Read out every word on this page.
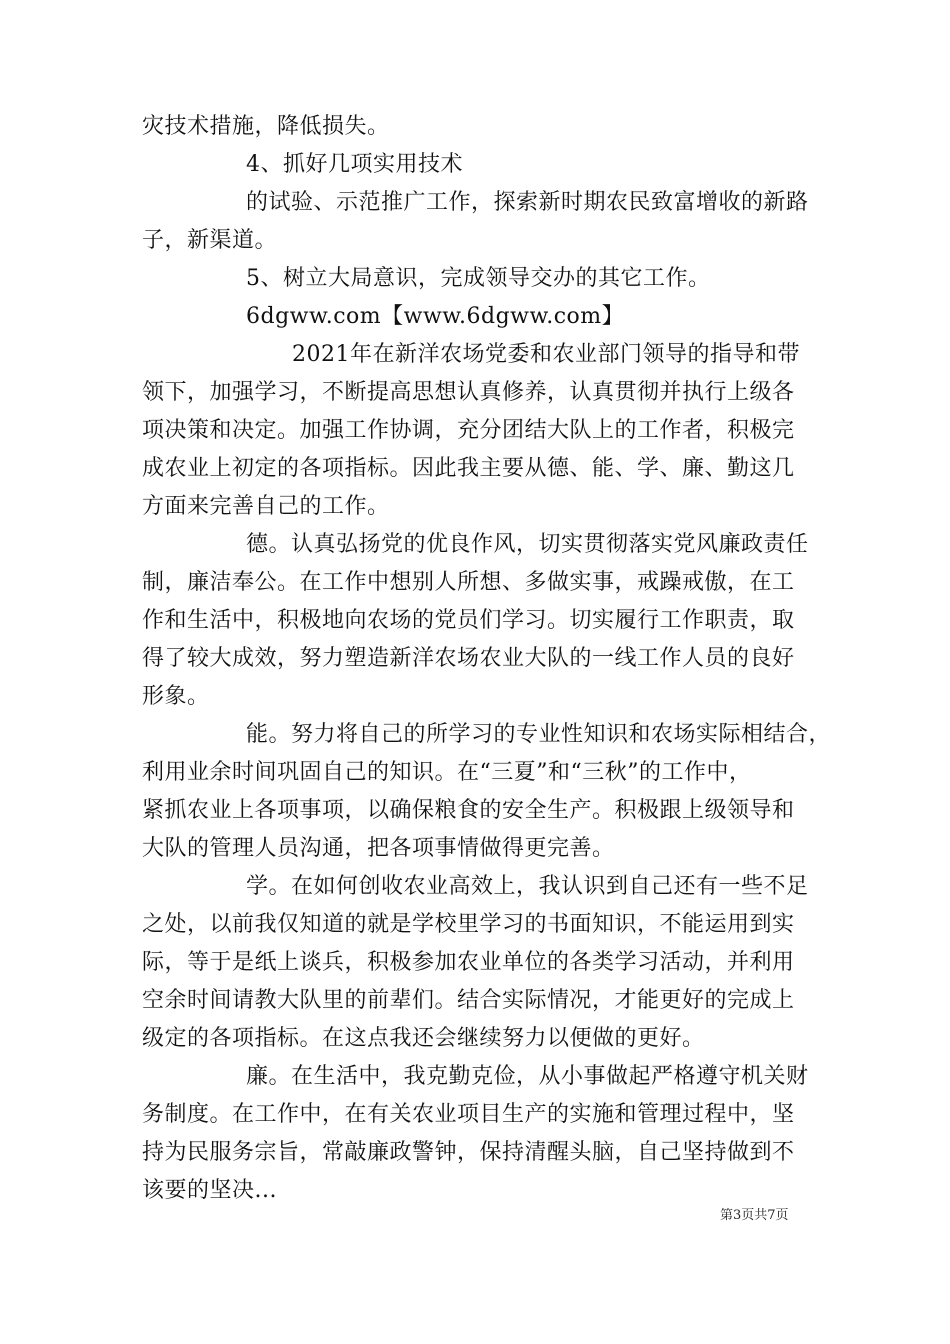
灾技术措施，降低损失。
4、抓好几项实用技术
的试验、示范推广工作，探索新时期农民致富增收的新路
子，新渠道。
5、树立大局意识，完成领导交办的其它工作。
6dgww.com【www.6dgww.com】
2021年在新洋农场党委和农业部门领导的指导和带
领下，加强学习，不断提高思想认真修养，认真贯彻并执行上级各
项决策和决定。加强工作协调，充分团结大队上的工作者，积极完
成农业上初定的各项指标。因此我主要从德、能、学、廉、勤这几
方面来完善自己的工作。
德。认真弘扬党的优良作风，切实贯彻落实党风廉政责任
制，廉洁奉公。在工作中想别人所想、多做实事，戒躁戒傲，在工
作和生活中，积极地向农场的党员们学习。切实履行工作职责，取
得了较大成效，努力塑造新洋农场农业大队的一线工作人员的良好
形象。
能。努力将自己的所学习的专业性知识和农场实际相结合，
利用业余时间巩固自己的知识。在“三夏”和“三秋”的工作中，
紧抓农业上各项事项，以确保粮食的安全生产。积极跟上级领导和
大队的管理人员沟通，把各项事情做得更完善。
学。在如何创收农业高效上，我认识到自己还有一些不足
之处，以前我仅知道的就是学校里学习的书面知识，不能运用到实
际，等于是纸上谈兵，积极参加农业单位的各类学习活动，并利用
空余时间请教大队里的前辈们。结合实际情况，才能更好的完成上
级定的各项指标。在这点我还会继续努力以便做的更好。
廉。在生活中，我克勤克俭，从小事做起严格遵守机关财
务制度。在工作中，在有关农业项目生产的实施和管理过程中，坚
持为民服务宗旨，常敲廉政警钟，保持清醒头脑，自己坚持做到不
该要的坚决...
第3页共7页
